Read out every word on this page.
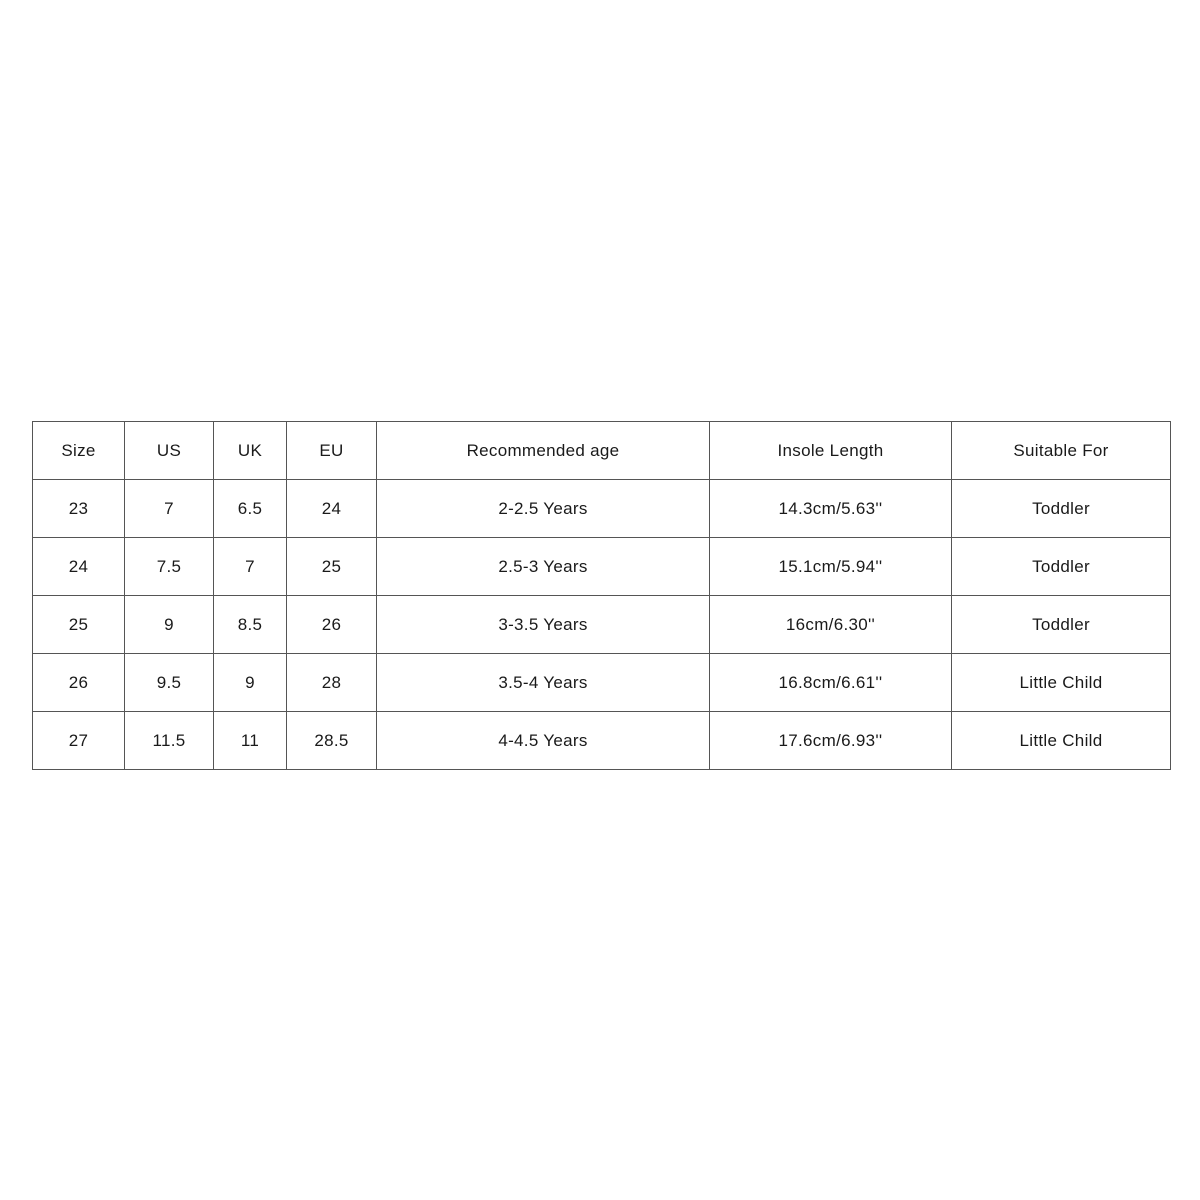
Size	US	UK	EU	Recommended age	Insole Length	Suitable For
23	7	6.5	24	2-2.5 Years	14.3cm/5.63''	Toddler
24	7.5	7	25	2.5-3 Years	15.1cm/5.94''	Toddler
25	9	8.5	26	3-3.5 Years	16cm/6.30''	Toddler
26	9.5	9	28	3.5-4 Years	16.8cm/6.61''	Little Child
27	11.5	11	28.5	4-4.5 Years	17.6cm/6.93''	Little Child
